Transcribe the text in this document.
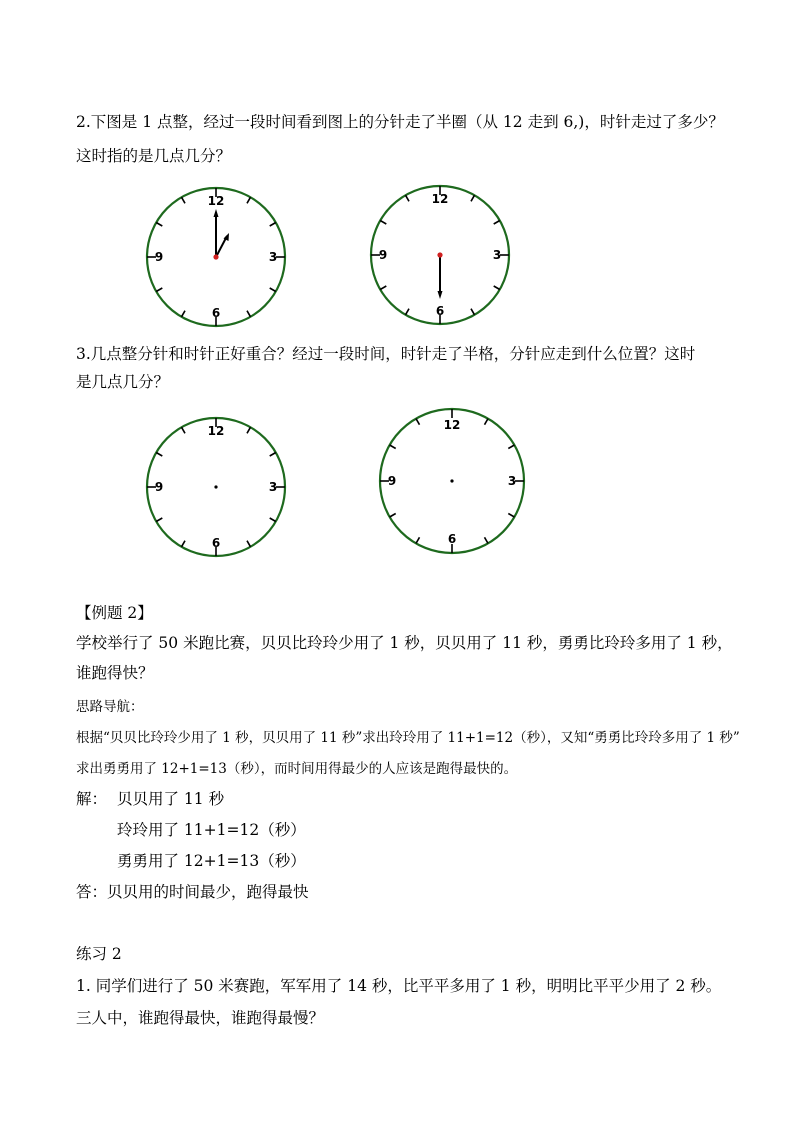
2.下图是 1 点整，经过一段时间看到图上的分针走了半圈（从 12 走到 6,)，时针走过了多少？
这时指的是几点几分？
12
3
6
9
12
3
6
9
3.几点整分针和时针正好重合？经过一段时间，时针走了半格，分针应走到什么位置？这时
是几点几分？
12
3
6
9
12
3
6
9
【例题 2】
学校举行了 50 米跑比赛，贝贝比玲玲少用了 1 秒，贝贝用了 11 秒，勇勇比玲玲多用了 1 秒，
谁跑得快？
思路导航：
根据“贝贝比玲玲少用了 1 秒，贝贝用了 11 秒”求出玲玲用了 11+1=12（秒），又知“勇勇比玲玲多用了 1 秒”
求出勇勇用了 12+1=13（秒），而时间用得最少的人应该是跑得最快的。
解： 贝贝用了 11 秒
玲玲用了 11+1=12（秒）
勇勇用了 12+1=13（秒）
答：贝贝用的时间最少，跑得最快
练习 2
1. 同学们进行了 50 米赛跑，军军用了 14 秒，比平平多用了 1 秒，明明比平平少用了 2 秒。
三人中，谁跑得最快，谁跑得最慢？
